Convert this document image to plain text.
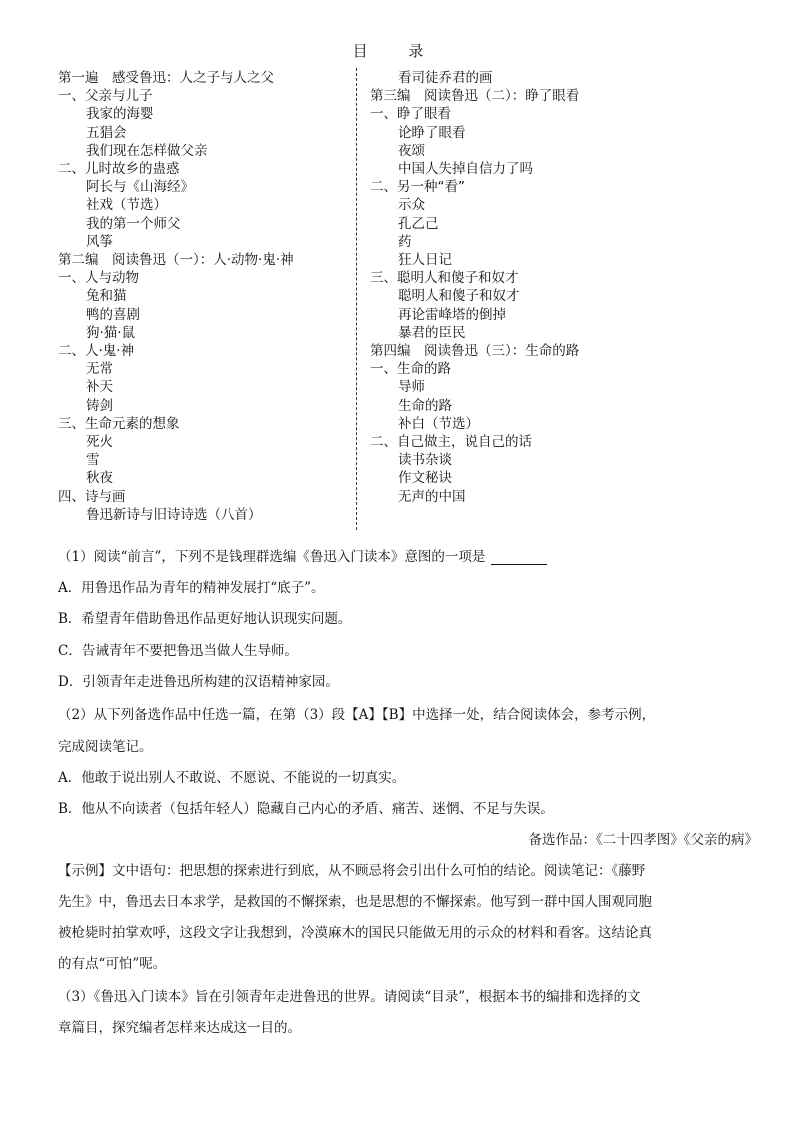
目 录
第一遍　感受鲁迅：人之子与人之父
一、父亲与儿子
我家的海婴
五猖会
我们现在怎样做父亲
二、儿时故乡的蛊惑
阿长与《山海经》
社戏（节选）
我的第一个师父
风筝
第二编　阅读鲁迅（一）：人·动物·鬼·神
一、人与动物
兔和猫
鸭的喜剧
狗·猫·鼠
二、人·鬼·神
无常
补天
铸剑
三、生命元素的想象
死火
雪
秋夜
四、诗与画
鲁迅新诗与旧诗诗选（八首）
看司徒乔君的画
第三编　阅读鲁迅（二）：睁了眼看
一、睁了眼看
论睁了眼看
夜颂
中国人失掉自信力了吗
二、另一种“看”
示众
孔乙己
药
狂人日记
三、聪明人和傻子和奴才
聪明人和傻子和奴才
再论雷峰塔的倒掉
暴君的臣民
第四编　阅读鲁迅（三）：生命的路
一、生命的路
导师
生命的路
补白（节选）
二、自己做主，说自己的话
读书杂谈
作文秘诀
无声的中国
（1）阅读“前言”，下列不是钱理群选编《鲁迅入门读本》意图的一项是
A．用鲁迅作品为青年的精神发展打“底子”。
B．希望青年借助鲁迅作品更好地认识现实问题。
C．告诫青年不要把鲁迅当做人生导师。
D．引领青年走进鲁迅所构建的汉语精神家园。
（2）从下列备选作品中任选一篇，在第（3）段【A】【B】中选择一处，结合阅读体会，参考示例，
完成阅读笔记。
A．他敢于说出别人不敢说、不愿说、不能说的一切真实。
B．他从不向读者（包括年轻人）隐藏自己内心的矛盾、痛苦、迷惘、不足与失误。
备选作品：《二十四孝图》《父亲的病》
【示例】文中语句：把思想的探索进行到底，从不顾忌将会引出什么可怕的结论。阅读笔记：《藤野
先生》中，鲁迅去日本求学，是救国的不懈探索，也是思想的不懈探索。他写到一群中国人围观同胞
被枪毙时拍掌欢呼，这段文字让我想到，冷漠麻木的国民只能做无用的示众的材料和看客。这结论真
的有点“可怕”呢。
（3）《鲁迅入门读本》旨在引领青年走进鲁迅的世界。请阅读“目录”，根据本书的编排和选择的文
章篇目，探究编者怎样来达成这一目的。
